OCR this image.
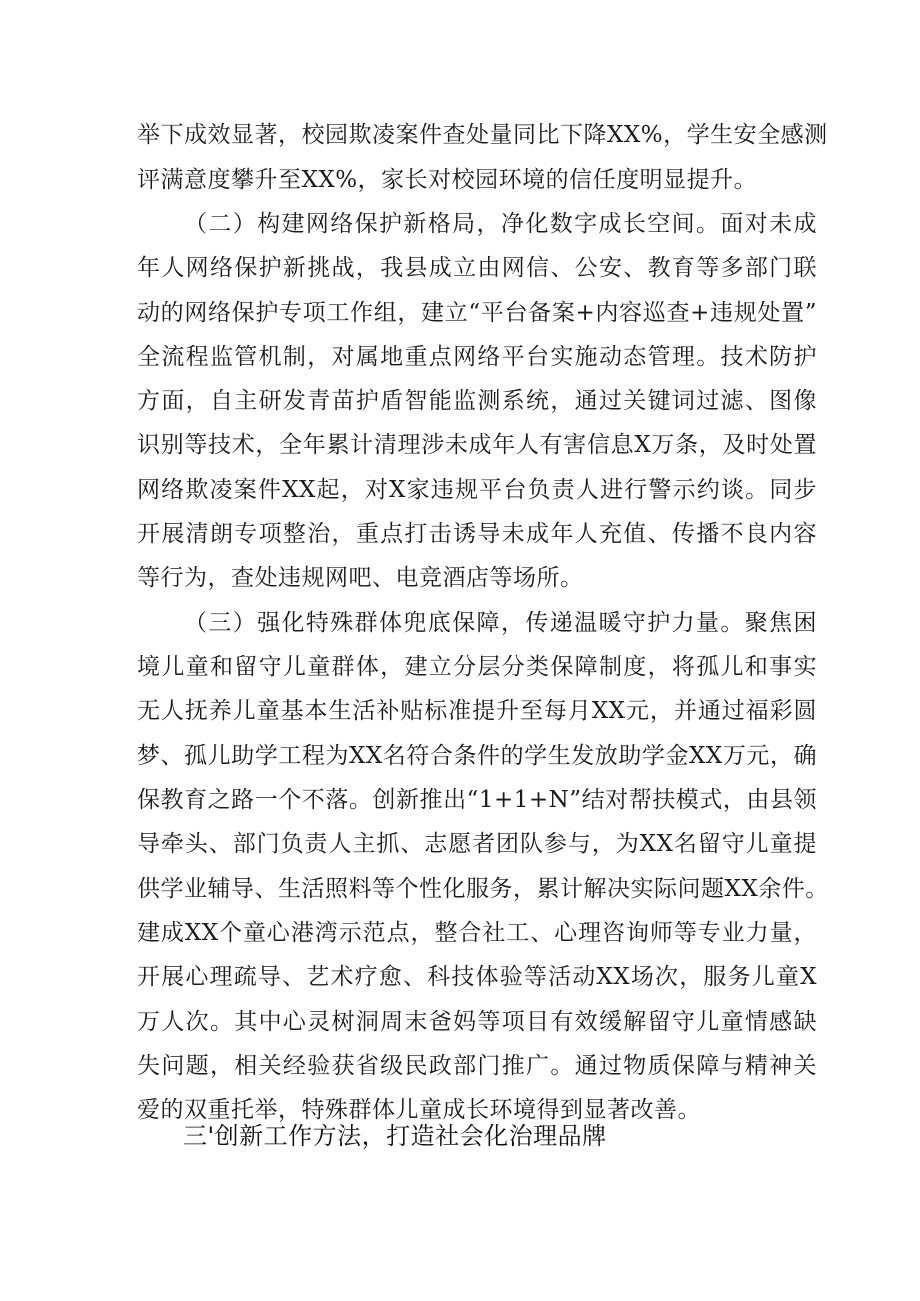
举下成效显著，校园欺凌案件查处量同比下降XX%，学生安全感测
评满意度攀升至XX%，家长对校园环境的信任度明显提升。
（二）构建网络保护新格局，净化数字成长空间。面对未成
年人网络保护新挑战，我县成立由网信、公安、教育等多部门联
动的网络保护专项工作组，建立“平台备案+内容巡查+违规处置”
全流程监管机制，对属地重点网络平台实施动态管理。技术防护
方面，自主研发青苗护盾智能监测系统，通过关键词过滤、图像
识别等技术，全年累计清理涉未成年人有害信息X万条，及时处置
网络欺凌案件XX起，对X家违规平台负责人进行警示约谈。同步
开展清朗专项整治，重点打击诱导未成年人充值、传播不良内容
等行为，查处违规网吧、电竞酒店等场所。
（三）强化特殊群体兜底保障，传递温暖守护力量。聚焦困
境儿童和留守儿童群体，建立分层分类保障制度，将孤儿和事实
无人抚养儿童基本生活补贴标准提升至每月XX元，并通过福彩圆
梦、孤儿助学工程为XX名符合条件的学生发放助学金XX万元，确
保教育之路一个不落。创新推出“1+1+N”结对帮扶模式，由县领
导牵头、部门负责人主抓、志愿者团队参与，为XX名留守儿童提
供学业辅导、生活照料等个性化服务，累计解决实际问题XX余件。
建成XX个童心港湾示范点，整合社工、心理咨询师等专业力量，
开展心理疏导、艺术疗愈、科技体验等活动XX场次，服务儿童X
万人次。其中心灵树洞周末爸妈等项目有效缓解留守儿童情感缺
失问题，相关经验获省级民政部门推广。通过物质保障与精神关
爱的双重托举，特殊群体儿童成长环境得到显著改善。
三'创新工作方法，打造社会化治理品牌
